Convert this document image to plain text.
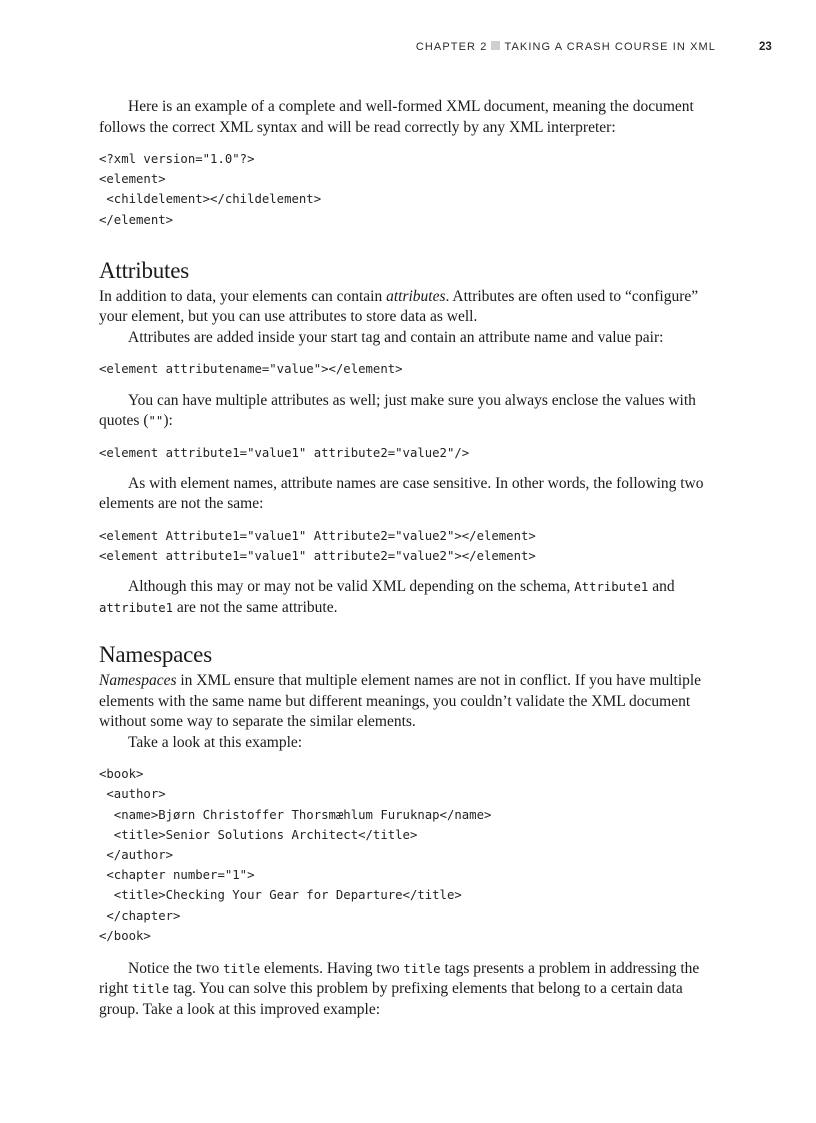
CHAPTER 2 TAKING A CRASH COURSE IN XML	23

Here is an example of a complete and well-formed XML document, meaning the document follows the correct XML syntax and will be read correctly by any XML interpreter:

<?xml version="1.0"?>
<element>
<childelement></childelement>
</element>
Attributes

In addition to data, your elements can contain attributes. Attributes are often used to “configure” your element, but you can use attributes to store data as well.

Attributes are added inside your start tag and contain an attribute name and value pair:

<element attributename="value"></element>

You can have multiple attributes as well; just make sure you always enclose the values with quotes (""):

<element attribute1="value1" attribute2="value2"/>

As with element names, attribute names are case sensitive. In other words, the following two elements are not the same:

<element Attribute1="value1" Attribute2="value2"></element>
<element attribute1="value1" attribute2="value2"></element>

Although this may or may not be valid XML depending on the schema, Attribute1 and attribute1 are not the same attribute.

Namespaces

Namespaces in XML ensure that multiple element names are not in conflict. If you have multiple elements with the same name but different meanings, you couldn’t validate the XML document without some way to separate the similar elements.

Take a look at this example:

<book>
<author>
<name>Bjørn Christoffer Thorsmæhlum Furuknap</name>
<title>Senior Solutions Architect</title>
</author>
<chapter number="1">
<title>Checking Your Gear for Departure</title>
</chapter>
</book>

Notice the two title elements. Having two title tags presents a problem in addressing the right title tag. You can solve this problem by prefixing elements that belong to a certain data group. Take a look at this improved example:
